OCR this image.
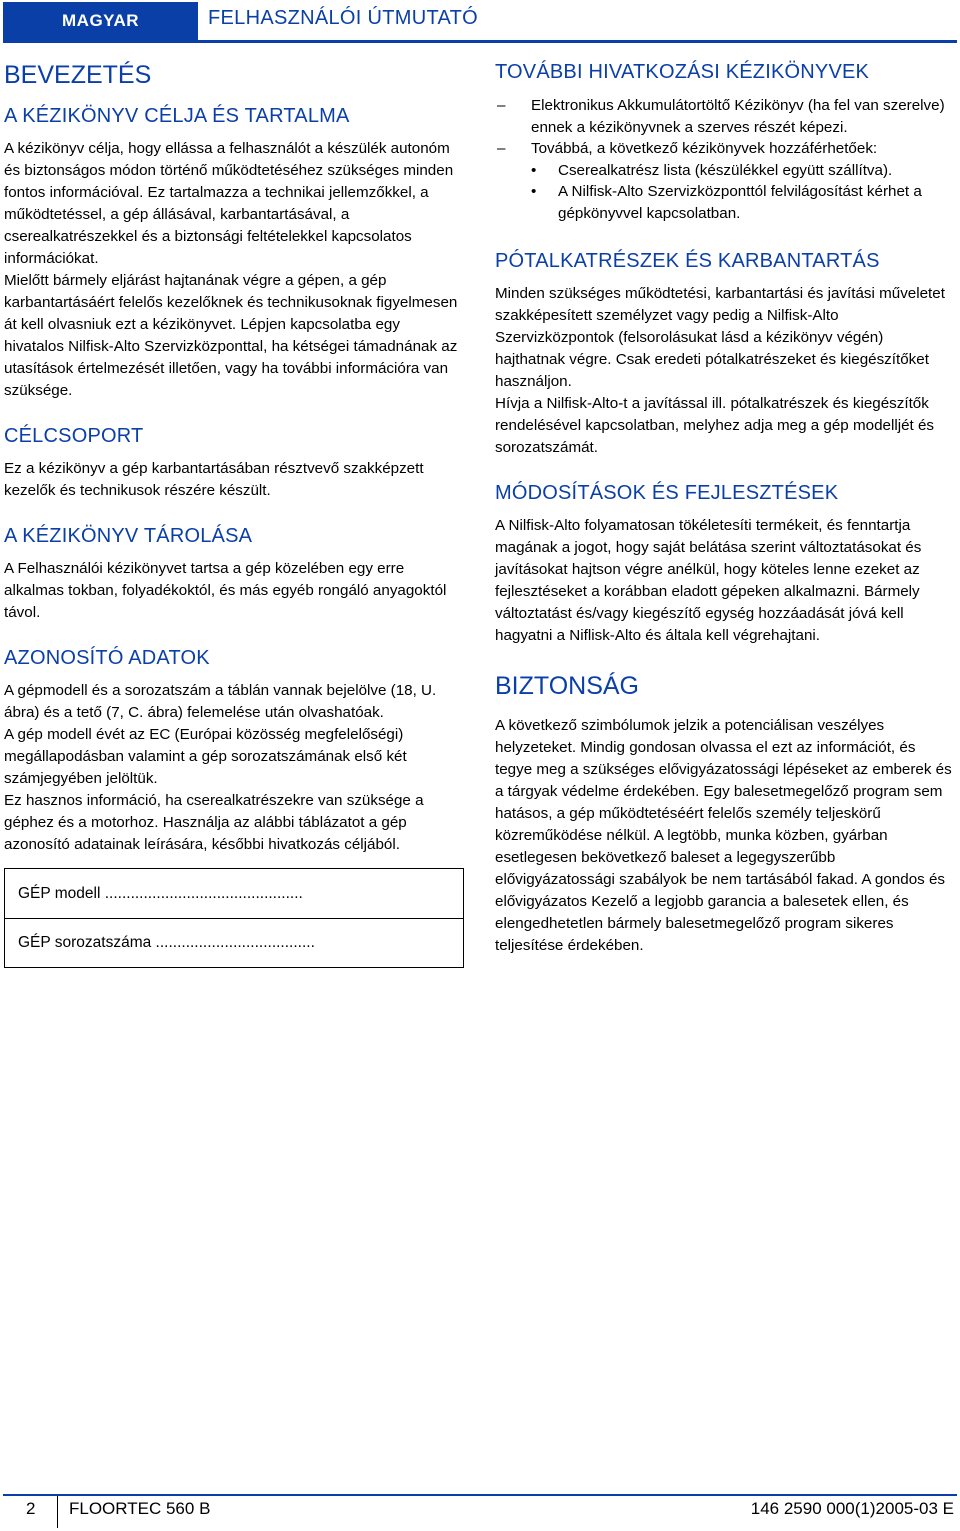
MAGYAR	FELHASZNÁLÓI ÚTMUTATÓ
BEVEZETÉS
A KÉZIKÖNYV CÉLJA ÉS TARTALMA
A kézikönyv célja, hogy ellássa a felhasználót a készülék autonóm és biztonságos módon történő működtetéséhez szükséges minden fontos információval. Ez tartalmazza a technikai jellemzőkkel, a működtetéssel, a gép állásával, karbantartásával, a cserealkatrészekkel és a biztonsági feltételekkel kapcsolatos információkat.
Mielőtt bármely eljárást hajtanának végre a gépen, a gép karbantartásáért felelős kezelőknek és technikusoknak figyelmesen át kell olvasniuk ezt a kézikönyvet. Lépjen kapcsolatba egy hivatalos Nilfisk-Alto Szervizközponttal, ha kétségei támadnának az utasítások értelmezését illetően, vagy ha további információra van szüksége.
CÉLCSOPORT
Ez a kézikönyv a gép karbantartásában résztvevő szakképzett kezelők és technikusok részére készült.
A KÉZIKÖNYV TÁROLÁSA
A Felhasználói kézikönyvet tartsa a gép közelében egy erre alkalmas tokban, folyadékoktól, és más egyéb rongáló anyagoktól távol.
AZONOSÍTÓ ADATOK
A gépmodell és a sorozatszám a táblán vannak bejelölve (18, U. ábra) és a tető (7, C. ábra) felemelése után olvashatóak.
A gép modell évét az EC (Európai közösség megfelelőségi) megállapodásban valamint a gép sorozatszámának első két számjegyében jelöltük.
Ez hasznos információ, ha cserealkatrészekre van szüksége a géphez és a motorhoz. Használja az alábbi táblázatot a gép azonosító adatainak leírására, későbbi hivatkozás céljából.
GÉP modell ..............................................
GÉP sorozatszáma .....................................
TOVÁBBI HIVATKOZÁSI KÉZIKÖNYVEK
– Elektronikus Akkumulátortöltő Kézikönyv (ha fel van szerelve) ennek a kézikönyvnek a szerves részét képezi.
– Továbbá, a következő kézikönyvek hozzáférhetőek:
• Cserealkatrész lista (készülékkel együtt szállítva).
• A Nilfisk-Alto Szervizközponttól felvilágosítást kérhet a gépkönyvvel kapcsolatban.
PÓTALKATRÉSZEK ÉS KARBANTARTÁS
Minden szükséges működtetési, karbantartási és javítási műveletet szakképesített személyzet vagy pedig a Nilfisk-Alto Szervizközpontok (felsorolásukat lásd a kézikönyv végén) hajthatnak végre. Csak eredeti pótalkatrészeket és kiegészítőket használjon.
Hívja a Nilfisk-Alto-t a javítással ill. pótalkatrészek és kiegészítők rendelésével kapcsolatban, melyhez adja meg a gép modelljét és sorozatszámát.
MÓDOSÍTÁSOK ÉS FEJLESZTÉSEK
A Nilfisk-Alto folyamatosan tökéletesíti termékeit, és fenntartja magának a jogot, hogy saját belátása szerint változtatásokat és javításokat hajtson végre anélkül, hogy köteles lenne ezeket az fejlesztéseket a korábban eladott gépeken alkalmazni. Bármely változtatást és/vagy kiegészítő egység hozzáadását jóvá kell hagyatni a Niflisk-Alto és általa kell végrehajtani.
BIZTONSÁG
A következő szimbólumok jelzik a potenciálisan veszélyes helyzeteket. Mindig gondosan olvassa el ezt az információt, és tegye meg a szükséges elővigyázatossági lépéseket az emberek és a tárgyak védelme érdekében. Egy balesetmegelőző program sem hatásos, a gép működtetéséért felelős személy teljeskörű közreműködése nélkül. A legtöbb, munka közben, gyárban esetlegesen bekövetkező baleset a legegyszerűbb elővigyázatossági szabályok be nem tartásából fakad. A gondos és elővigyázatos Kezelő a legjobb garancia a balesetek ellen, és elengedhetetlen bármely balesetmegelőző program sikeres teljesítése érdekében.
2 FLOORTEC 560 B	146 2590 000(1)2005-03 E
